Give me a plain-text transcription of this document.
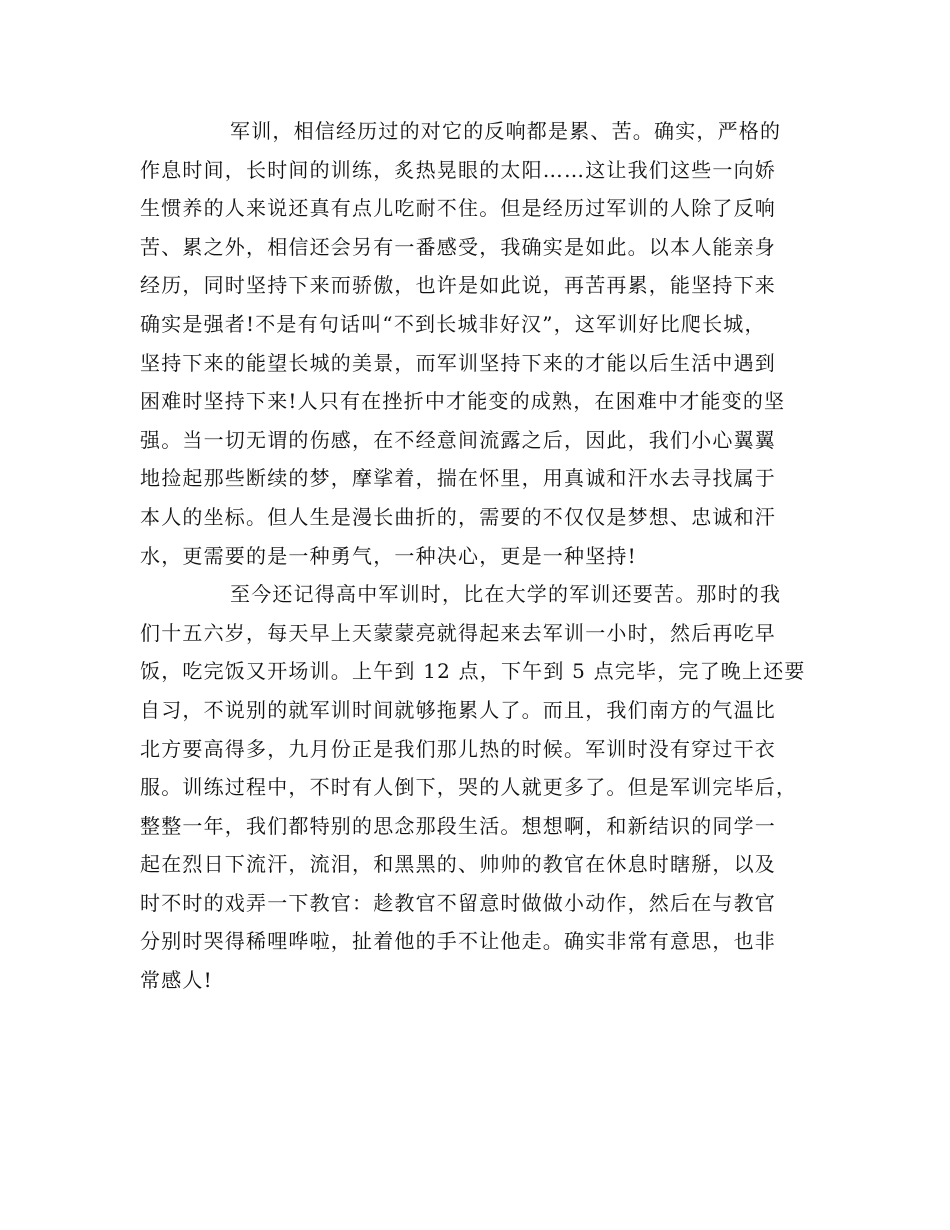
军训，相信经历过的对它的反响都是累、苦。确实，严格的
作息时间，长时间的训练，炙热晃眼的太阳……这让我们这些一向娇
生惯养的人来说还真有点儿吃耐不住。但是经历过军训的人除了反响
苦、累之外，相信还会另有一番感受，我确实是如此。以本人能亲身
经历，同时坚持下来而骄傲，也许是如此说，再苦再累，能坚持下来
确实是强者!不是有句话叫“不到长城非好汉”，这军训好比爬长城，
坚持下来的能望长城的美景，而军训坚持下来的才能以后生活中遇到
困难时坚持下来!人只有在挫折中才能变的成熟，在困难中才能变的坚
强。当一切无谓的伤感，在不经意间流露之后，因此，我们小心翼翼
地捡起那些断续的梦，摩挲着，揣在怀里，用真诚和汗水去寻找属于
本人的坐标。但人生是漫长曲折的，需要的不仅仅是梦想、忠诚和汗
水，更需要的是一种勇气，一种决心，更是一种坚持!
至今还记得高中军训时，比在大学的军训还要苦。那时的我
们十五六岁，每天早上天蒙蒙亮就得起来去军训一小时，然后再吃早
饭，吃完饭又开场训。上午到 12 点，下午到 5 点完毕，完了晚上还要
自习，不说别的就军训时间就够拖累人了。而且，我们南方的气温比
北方要高得多，九月份正是我们那儿热的时候。军训时没有穿过干衣
服。训练过程中，不时有人倒下，哭的人就更多了。但是军训完毕后，
整整一年，我们都特别的思念那段生活。想想啊，和新结识的同学一
起在烈日下流汗，流泪，和黑黑的、帅帅的教官在休息时瞎掰，以及
时不时的戏弄一下教官：趁教官不留意时做做小动作，然后在与教官
分别时哭得稀哩哗啦，扯着他的手不让他走。确实非常有意思，也非
常感人!
